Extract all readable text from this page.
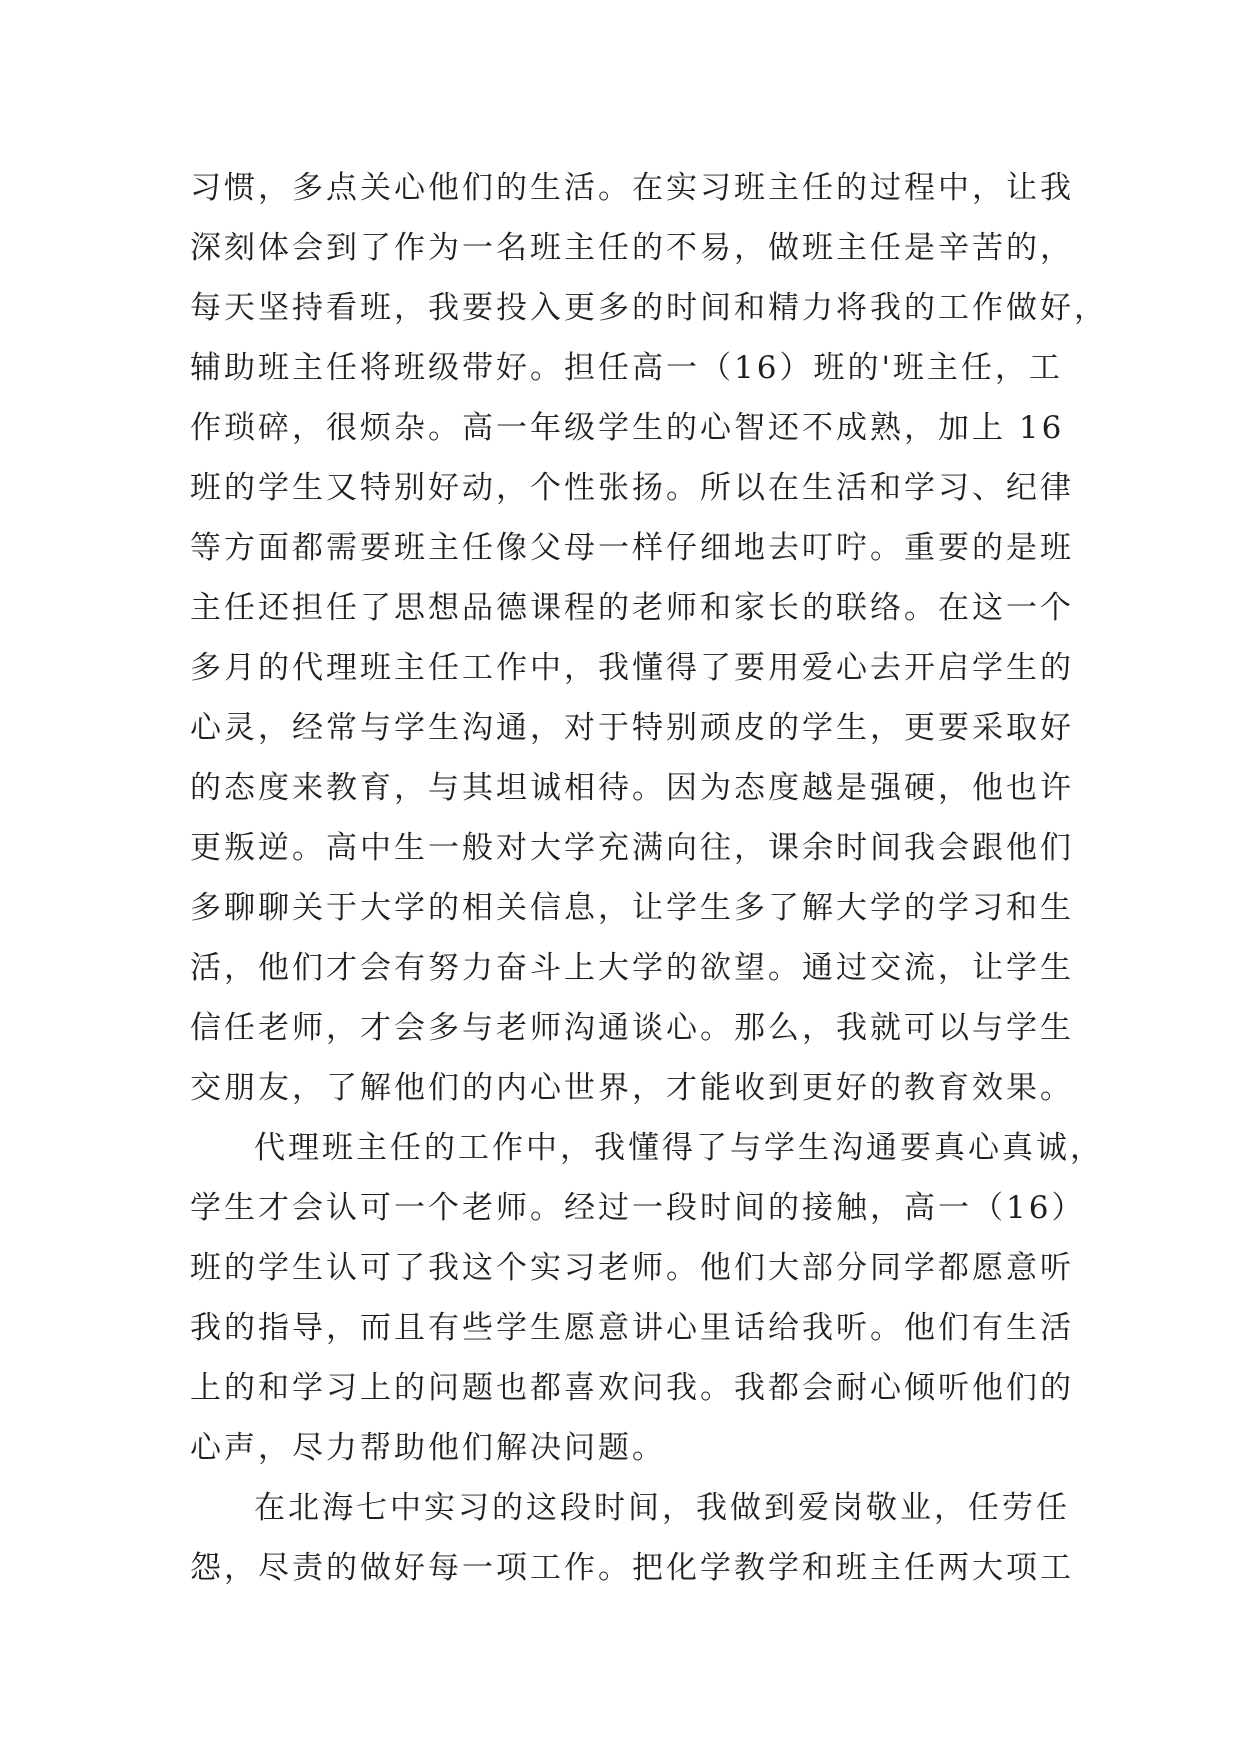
习惯，多点关心他们的生活。在实习班主任的过程中，让我
深刻体会到了作为一名班主任的不易，做班主任是辛苦的，
每天坚持看班，我要投入更多的时间和精力将我的工作做好，
辅助班主任将班级带好。担任高一（16）班的'班主任，工
作琐碎，很烦杂。高一年级学生的心智还不成熟，加上 16
班的学生又特别好动，个性张扬。所以在生活和学习、纪律
等方面都需要班主任像父母一样仔细地去叮咛。重要的是班
主任还担任了思想品德课程的老师和家长的联络。在这一个
多月的代理班主任工作中，我懂得了要用爱心去开启学生的
心灵，经常与学生沟通，对于特别顽皮的学生，更要采取好
的态度来教育，与其坦诚相待。因为态度越是强硬，他也许
更叛逆。高中生一般对大学充满向往，课余时间我会跟他们
多聊聊关于大学的相关信息，让学生多了解大学的学习和生
活，他们才会有努力奋斗上大学的欲望。通过交流，让学生
信任老师，才会多与老师沟通谈心。那么，我就可以与学生
交朋友，了解他们的内心世界，才能收到更好的教育效果。
代理班主任的工作中，我懂得了与学生沟通要真心真诚，
学生才会认可一个老师。经过一段时间的接触，高一（16）
班的学生认可了我这个实习老师。他们大部分同学都愿意听
我的指导，而且有些学生愿意讲心里话给我听。他们有生活
上的和学习上的问题也都喜欢问我。我都会耐心倾听他们的
心声，尽力帮助他们解决问题。
在北海七中实习的这段时间，我做到爱岗敬业，任劳任
怨，尽责的做好每一项工作。把化学教学和班主任两大项工
